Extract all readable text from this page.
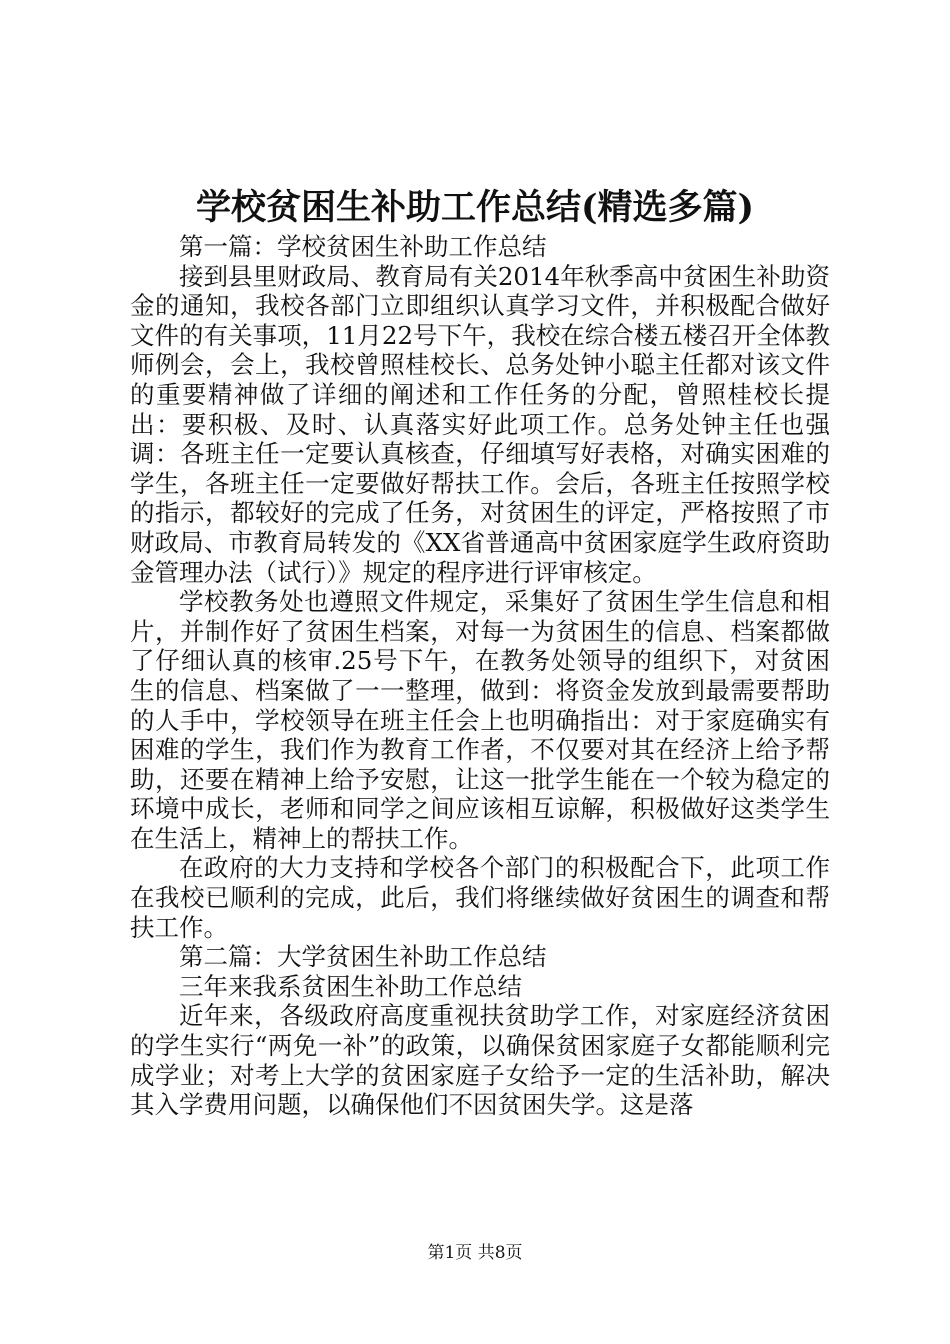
学校贫困生补助工作总结(精选多篇)

第一篇：学校贫困生补助工作总结

接到县里财政局、教育局有关2014年秋季高中贫困生补助资金的通知，我校各部门立即组织认真学习文件，并积极配合做好文件的有关事项，11月22号下午，我校在综合楼五楼召开全体教师例会，会上，我校曾照桂校长、总务处钟小聪主任都对该文件的重要精神做了详细的阐述和工作任务的分配，曾照桂校长提出：要积极、及时、认真落实好此项工作。总务处钟主任也强调：各班主任一定要认真核查，仔细填写好表格，对确实困难的学生，各班主任一定要做好帮扶工作。会后，各班主任按照学校的指示，都较好的完成了任务，对贫困生的评定，严格按照了市财政局、市教育局转发的《XX省普通高中贫困家庭学生政府资助金管理办法（试行）》规定的程序进行评审核定。

学校教务处也遵照文件规定，采集好了贫困生学生信息和相片，并制作好了贫困生档案，对每一为贫困生的信息、档案都做了仔细认真的核审.25号下午，在教务处领导的组织下，对贫困生的信息、档案做了一一整理，做到：将资金发放到最需要帮助的人手中，学校领导在班主任会上也明确指出：对于家庭确实有困难的学生，我们作为教育工作者，不仅要对其在经济上给予帮助，还要在精神上给予安慰，让这一批学生能在一个较为稳定的环境中成长，老师和同学之间应该相互谅解，积极做好这类学生在生活上，精神上的帮扶工作。

在政府的大力支持和学校各个部门的积极配合下，此项工作在我校已顺利的完成，此后，我们将继续做好贫困生的调查和帮扶工作。

第二篇：大学贫困生补助工作总结

三年来我系贫困生补助工作总结

近年来，各级政府高度重视扶贫助学工作，对家庭经济贫困的学生实行“两免一补”的政策，以确保贫困家庭子女都能顺利完成学业；对考上大学的贫困家庭子女给予一定的生活补助，解决其入学费用问题，以确保他们不因贫困失学。这是落

第1页 共8页
